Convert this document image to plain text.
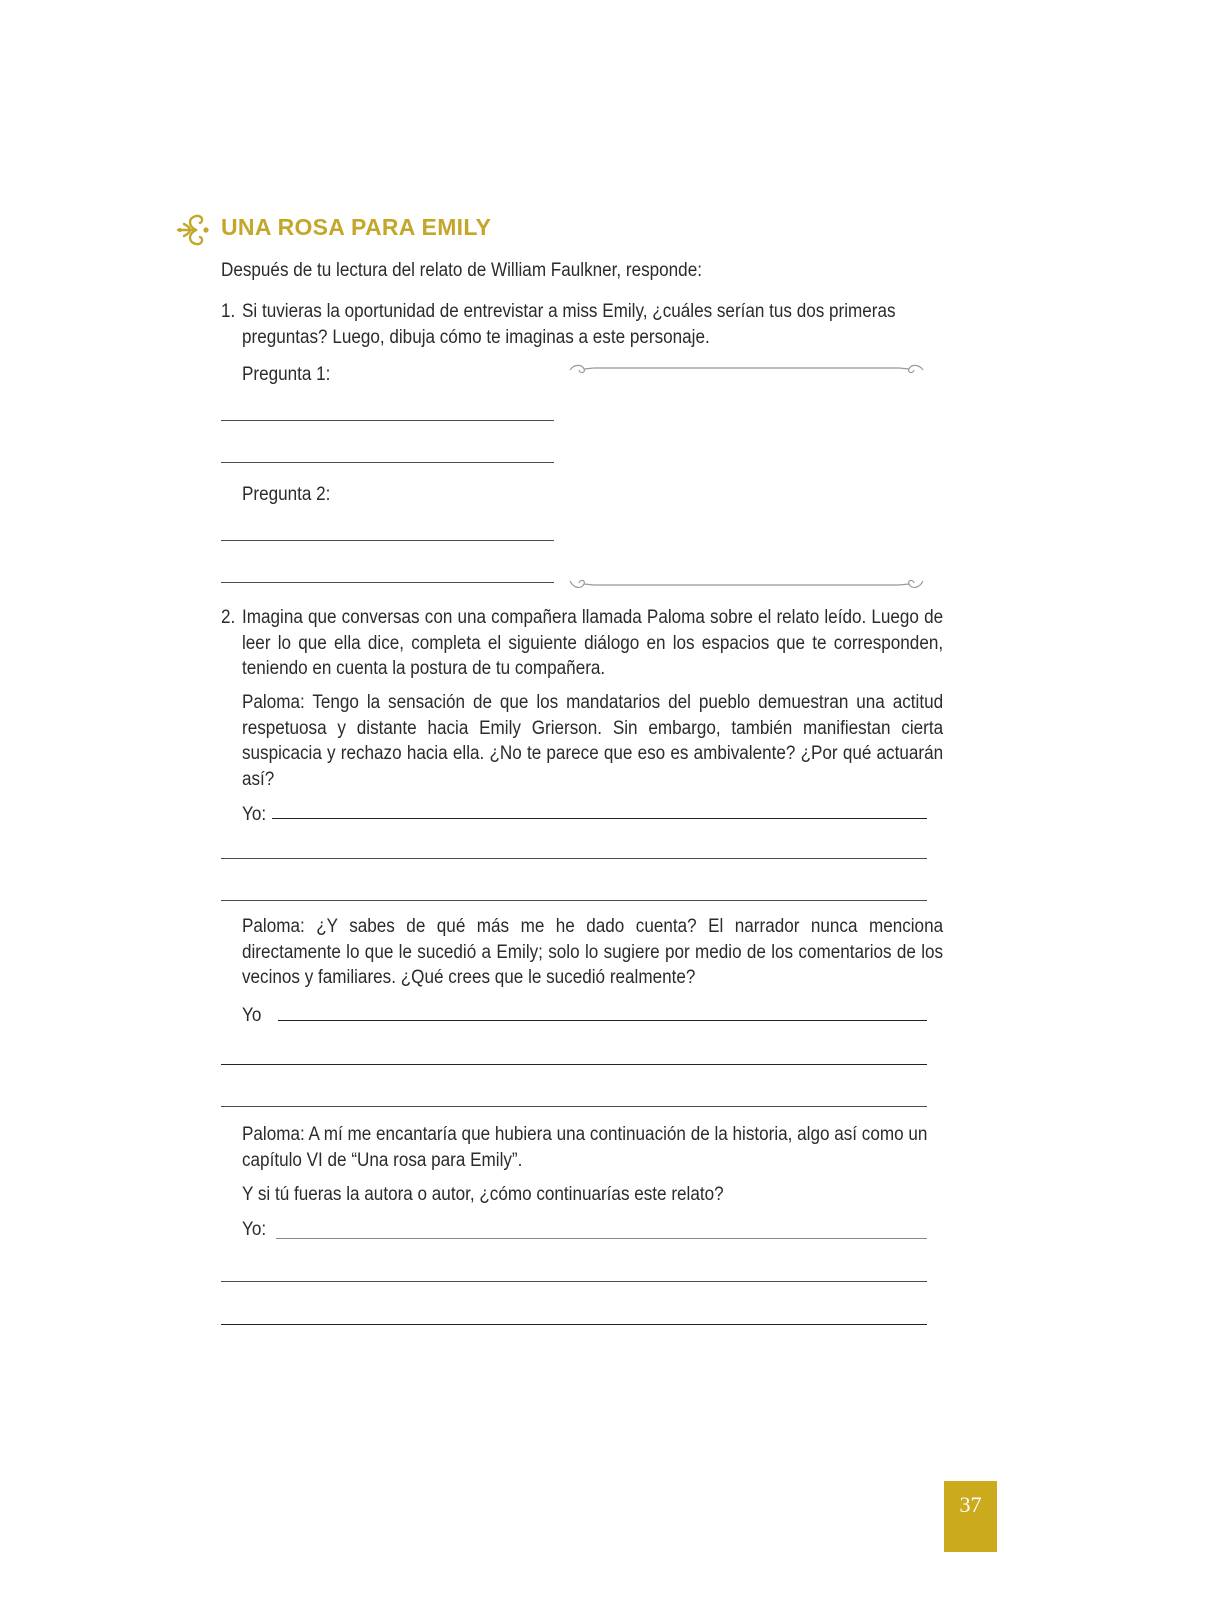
UNA ROSA PARA EMILY
Después de tu lectura del relato de William Faulkner, responde:
1. Si tuvieras la oportunidad de entrevistar a miss Emily, ¿cuáles serían tus dos primeras preguntas? Luego, dibuja cómo te imaginas a este personaje.
Pregunta 1:
Pregunta 2:
2. Imagina que conversas con una compañera llamada Paloma sobre el relato leído. Luego de leer lo que ella dice, completa el siguiente diálogo en los espacios que te corresponden, teniendo en cuenta la postura de tu compañera.
Paloma: Tengo la sensación de que los mandatarios del pueblo demuestran una actitud respetuosa y distante hacia Emily Grierson. Sin embargo, también manifiestan cierta suspicacia y rechazo hacia ella. ¿No te parece que eso es ambivalente? ¿Por qué actuarán así?
Yo:
Paloma: ¿Y sabes de qué más me he dado cuenta? El narrador nunca menciona directamente lo que le sucedió a Emily; solo lo sugiere por medio de los comentarios de los vecinos y familiares. ¿Qué crees que le sucedió realmente?
Yo
Paloma: A mí me encantaría que hubiera una continuación de la historia, algo así como un capítulo VI de “Una rosa para Emily”.
Y si tú fueras la autora o autor, ¿cómo continuarías este relato?
Yo:
37
